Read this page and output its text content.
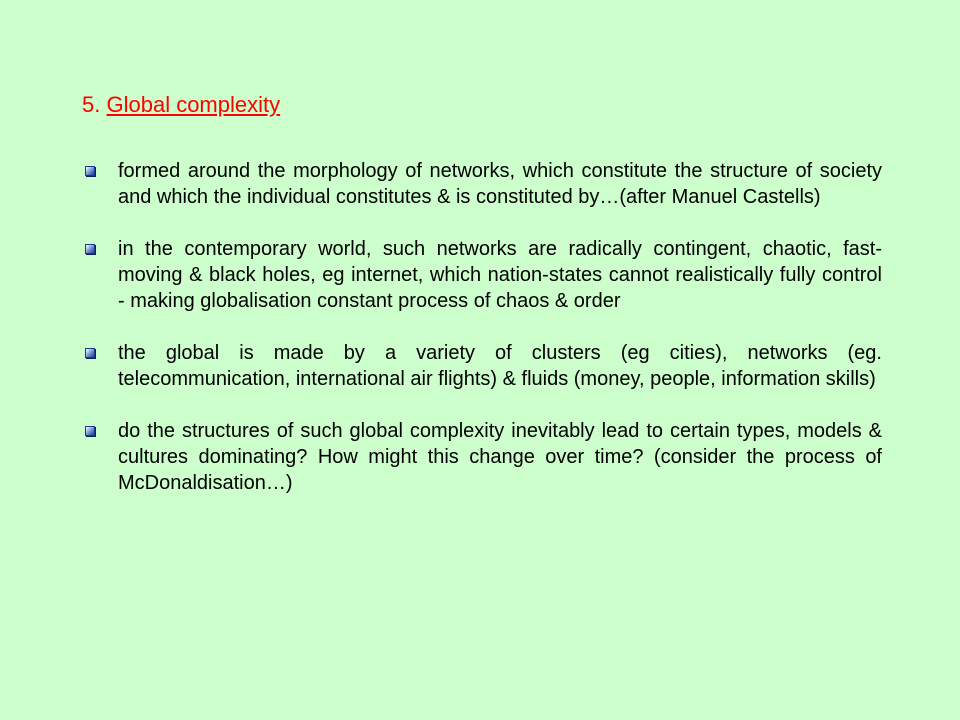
5. Global complexity
formed around the morphology of networks, which constitute the structure of society and which the individual constitutes & is constituted by…(after Manuel Castells)
in the contemporary world, such networks are radically contingent, chaotic, fast-moving & black holes, eg internet, which nation-states cannot realistically fully control - making globalisation constant process of chaos & order
the global is made by a variety of clusters (eg cities), networks (eg. telecommunication, international air flights) & fluids (money, people, information skills)
do the structures of such global complexity inevitably lead to certain types, models & cultures dominating? How might this change over time? (consider the process of McDonaldisation…)
